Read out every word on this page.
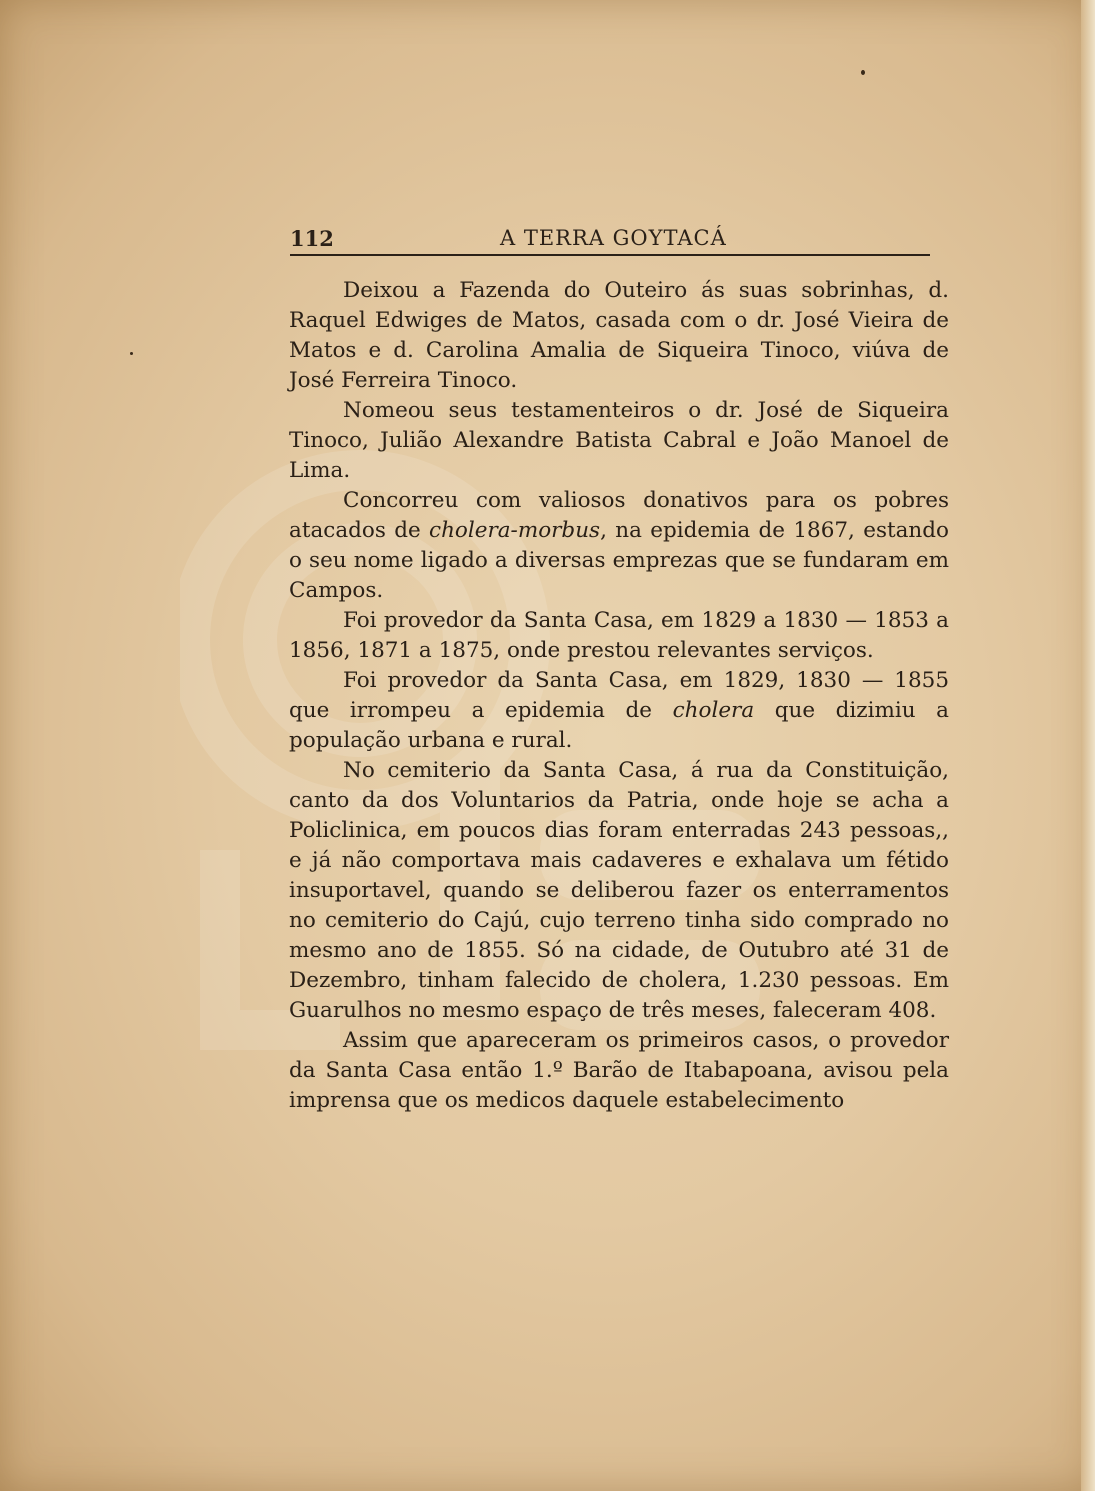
112	A TERRA GOYTACÁ

Deixou a Fazenda do Outeiro ás suas sobrinhas, d. Raquel Edwiges de Matos, casada com o dr. José Vieira de Matos e d. Carolina Amalia de Siqueira Tinoco, viúva de José Ferreira Tinoco.

Nomeou seus testamenteiros o dr. José de Siqueira Tinoco, Julião Alexandre Batista Cabral e João Manoel de Lima.

Concorreu com valiosos donativos para os pobres atacados de cholera-morbus, na epidemia de 1867, estando o seu nome ligado a diversas emprezas que se fundaram em Campos.

Foi provedor da Santa Casa, em 1829 a 1830 — 1853 a 1856, 1871 a 1875, onde prestou relevantes serviços.

Foi provedor da Santa Casa, em 1829, 1830 — 1855 que irrompeu a epidemia de cholera que dizimiu a população urbana e rural.

No cemiterio da Santa Casa, á rua da Constituição, canto da dos Voluntarios da Patria, onde hoje se acha a Policlinica, em poucos dias foram enterradas 243 pessoas,, e já não comportava mais cadaveres e exhalava um fétido insuportavel, quando se deliberou fazer os enterramentos no cemiterio do Cajú, cujo terreno tinha sido comprado no mesmo ano de 1855. Só na cidade, de Outubro até 31 de Dezembro, tinham falecido de cholera, 1.230 pessoas. Em Guarulhos no mesmo espaço de três meses, faleceram 408.

Assim que apareceram os primeiros casos, o provedor da Santa Casa então 1.º Barão de Itabapoana, avisou pela imprensa que os medicos daquele estabelecimento
